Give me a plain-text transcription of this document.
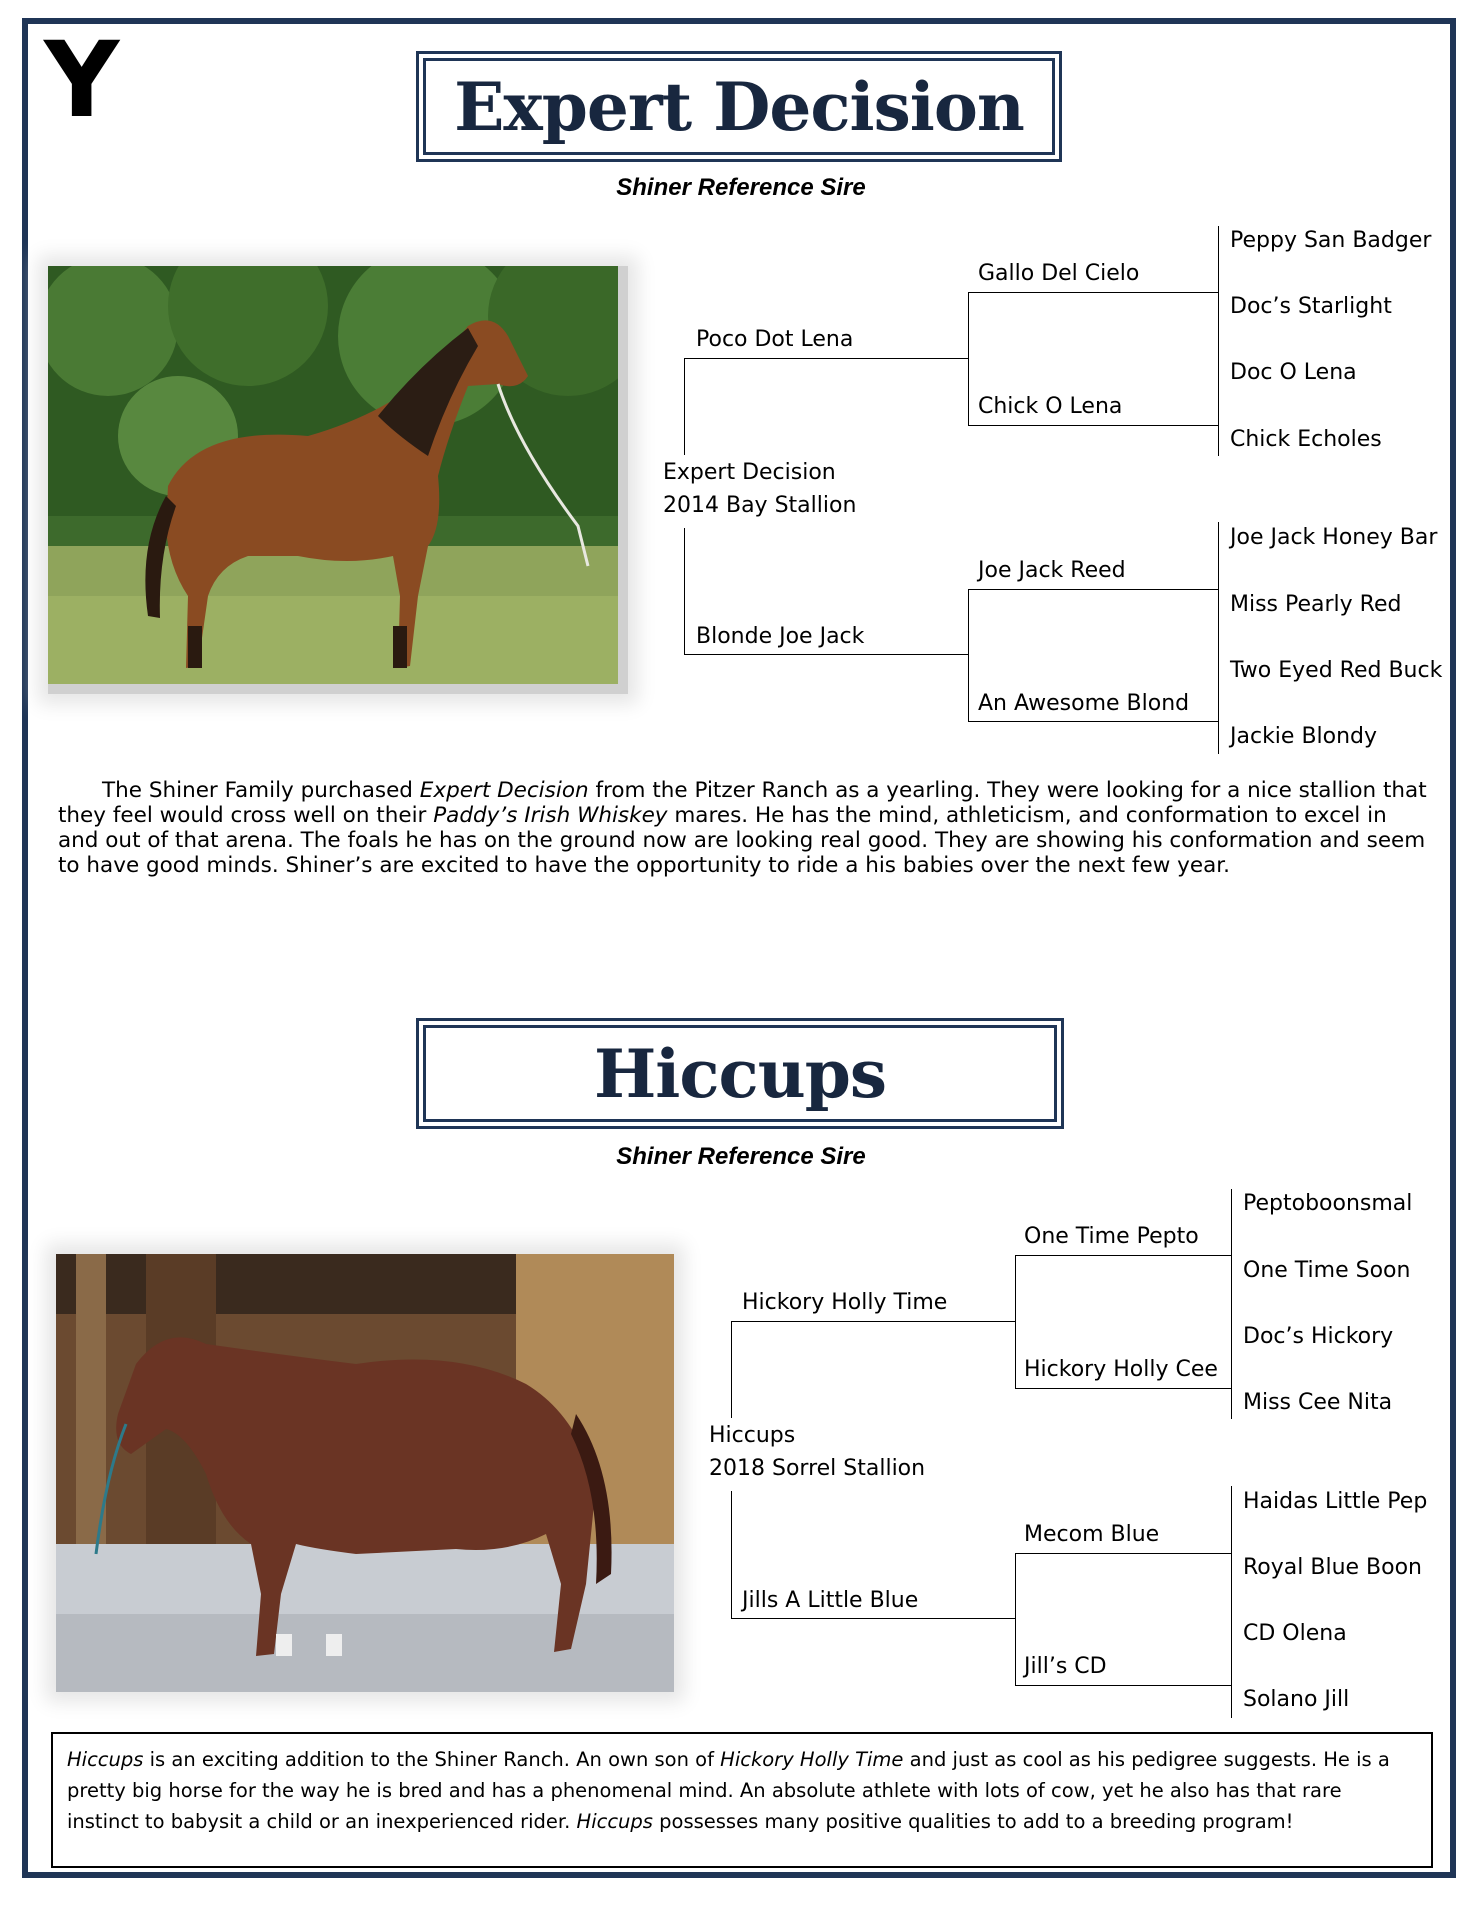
Y	Expert Decision
Shiner Reference Sire
Poco Dot Lena
Expert Decision
2014 Bay Stallion
Blonde Joe Jack
Gallo Del Cielo
Chick O Lena
Joe Jack Reed
An Awesome Blond
Peppy San Badger
Doc’s Starlight
Doc O Lena
Chick Echoles
Joe Jack Honey Bar
Miss Pearly Red
Two Eyed Red Buck
Jackie Blondy
The Shiner Family purchased Expert Decision from the Pitzer Ranch as a yearling. They were looking for a nice stallion that they feel would cross well on their Paddy’s Irish Whiskey mares. He has the mind, athleticism, and conformation to excel in and out of that arena. The foals he has on the ground now are looking real good. They are showing his conformation and seem to have good minds. Shiner’s are excited to have the opportunity to ride a his babies over the next few year.
Hiccups
Shiner Reference Sire
Hickory Holly Time
Hiccups
2018 Sorrel Stallion
Jills A Little Blue
One Time Pepto
Hickory Holly Cee
Mecom Blue
Jill’s CD
Peptoboonsmal
One Time Soon
Doc’s Hickory
Miss Cee Nita
Haidas Little Pep
Royal Blue Boon
CD Olena
Solano Jill
Hiccups is an exciting addition to the Shiner Ranch. An own son of Hickory Holly Time and just as cool as his pedigree suggests. He is a pretty big horse for the way he is bred and has a phenomenal mind. An absolute athlete with lots of cow, yet he also has that rare instinct to babysit a child or an inexperienced rider. Hiccups possesses many positive qualities to add to a breeding program!
